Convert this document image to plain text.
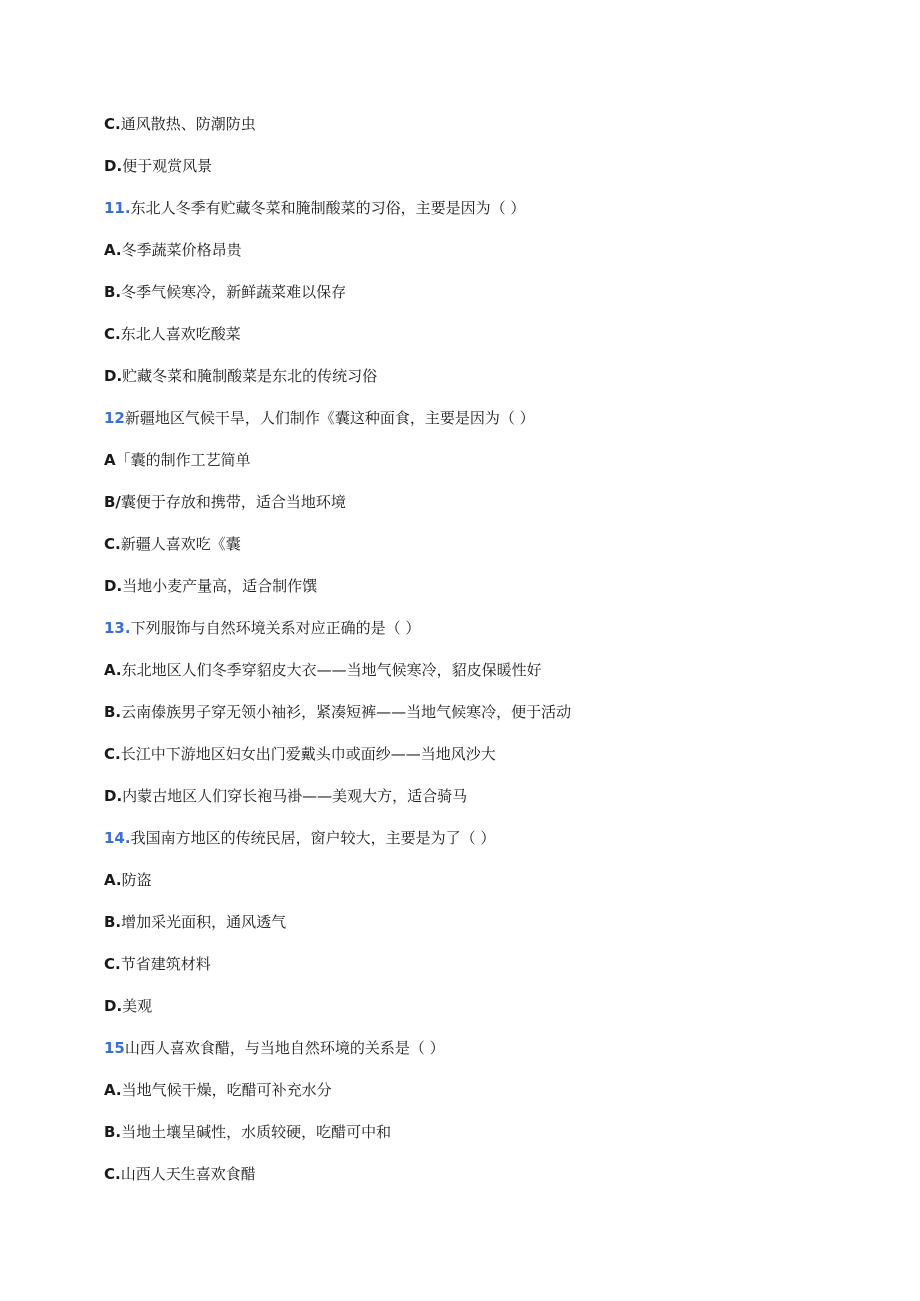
C.通风散热、防潮防虫
D.便于观赏风景
11.东北人冬季有贮藏冬菜和腌制酸菜的习俗，主要是因为（ ）
A.冬季蔬菜价格昂贵
B.冬季气候寒冷，新鲜蔬菜难以保存
C.东北人喜欢吃酸菜
D.贮藏冬菜和腌制酸菜是东北的传统习俗
12新疆地区气候干旱，人们制作《囊这种面食，主要是因为（ ）
A「囊的制作工艺简单
B/囊便于存放和携带，适合当地环境
C.新疆人喜欢吃《囊
D.当地小麦产量高，适合制作馔
13.下列服饰与自然环境关系对应正确的是（ ）
A.东北地区人们冬季穿貂皮大衣——当地气候寒冷，貂皮保暖性好
B.云南傣族男子穿无领小袖衫，紧凑短裤——当地气候寒冷，便于活动
C.长江中下游地区妇女出门爱戴头巾或面纱——当地风沙大
D.内蒙古地区人们穿长袍马褂——美观大方，适合骑马
14.我国南方地区的传统民居，窗户较大，主要是为了（ ）
A.防盗
B.增加采光面积，通风透气
C.节省建筑材料
D.美观
15山西人喜欢食醋，与当地自然环境的关系是（ ）
A.当地气候干燥，吃醋可补充水分
B.当地土壤呈碱性，水质较硬，吃醋可中和
C.山西人天生喜欢食醋
